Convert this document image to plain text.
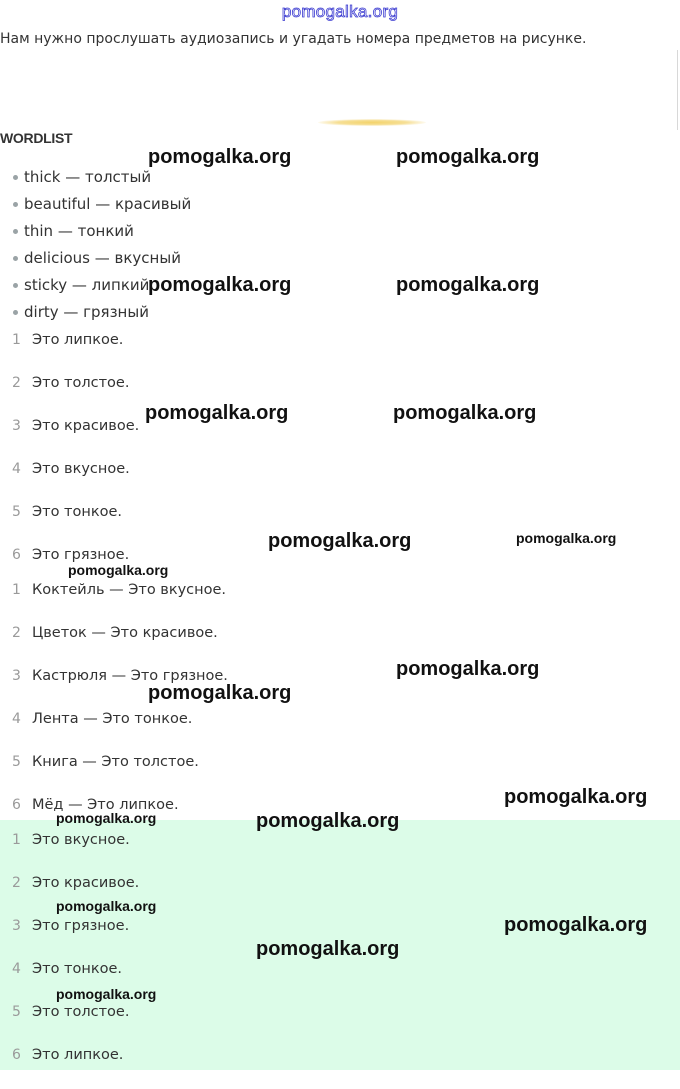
pomogalka.org
Нам нужно прослушать аудиозапись и угадать номера предметов на рисунке.
WORDLIST
thick — толстый
beautiful — красивый
thin — тонкий
delicious — вкусный
sticky — липкий
dirty — грязный
1 Это липкое.
2 Это толстое.
3 Это красивое.
4 Это вкусное.
5 Это тонкое.
6 Это грязное.
1 Коктейль — Это вкусное.
2 Цветок — Это красивое.
3 Кастрюля — Это грязное.
4 Лента — Это тонкое.
5 Книга — Это толстое.
6 Мёд — Это липкое.
1 Это вкусное.
2 Это красивое.
3 Это грязное.
4 Это тонкое.
5 Это толстое.
6 Это липкое.
pomogalka.org	pomogalka.org
pomogalka.org	pomogalka.org
pomogalka.org	pomogalka.org
pomogalka.org	pomogalka.org
pomogalka.org
pomogalka.org
pomogalka.org
pomogalka.org
pomogalka.org	pomogalka.org
pomogalka.org
pomogalka.org
pomogalka.org
pomogalka.org
